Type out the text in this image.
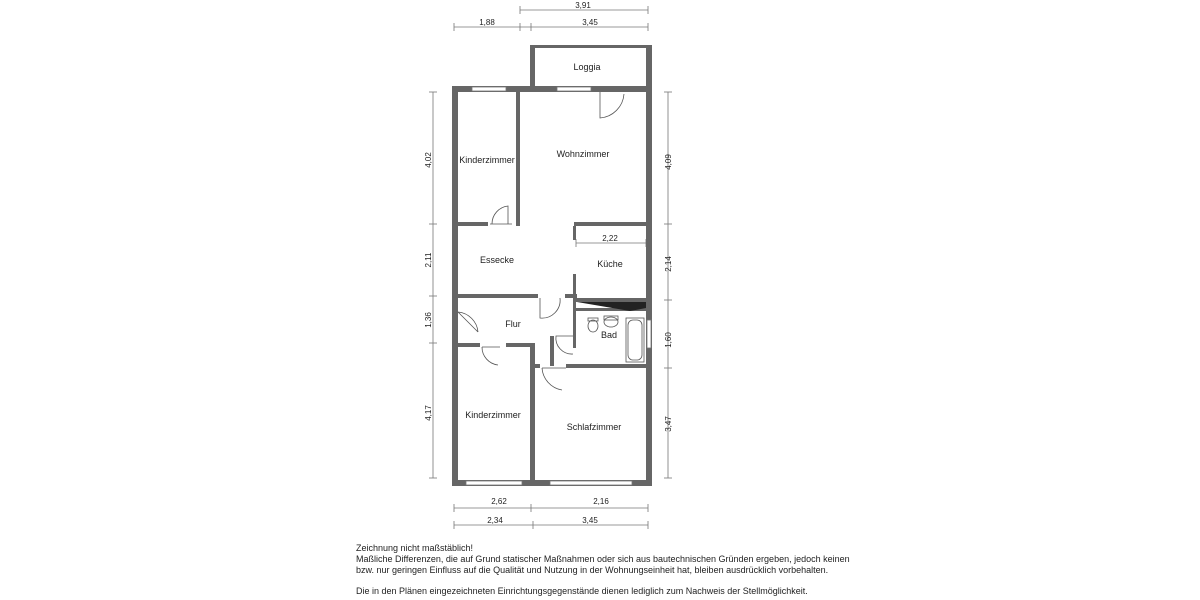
Loggia
Kinderzimmer
Wohnzimmer
Essecke	Küche
Flur
Bad
Kinderzimmer
Schlafzimmer
3,91
1,88	3,45
4,02
2,11
1,36
4,17
4,09
2,14
1,60
3,47
2,22
2,62	2,16
2,34	3,45
Zeichnung nicht maßstäblich!
Maßliche Differenzen, die auf Grund statischer Maßnahmen oder sich aus bautechnischen Gründen ergeben, jedoch keinen
bzw. nur geringen Einfluss auf die Qualität und Nutzung in der Wohnungseinheit hat, bleiben ausdrücklich vorbehalten.
Die in den Plänen eingezeichneten Einrichtungsgegenstände dienen lediglich zum Nachweis der Stellmöglichkeit.
